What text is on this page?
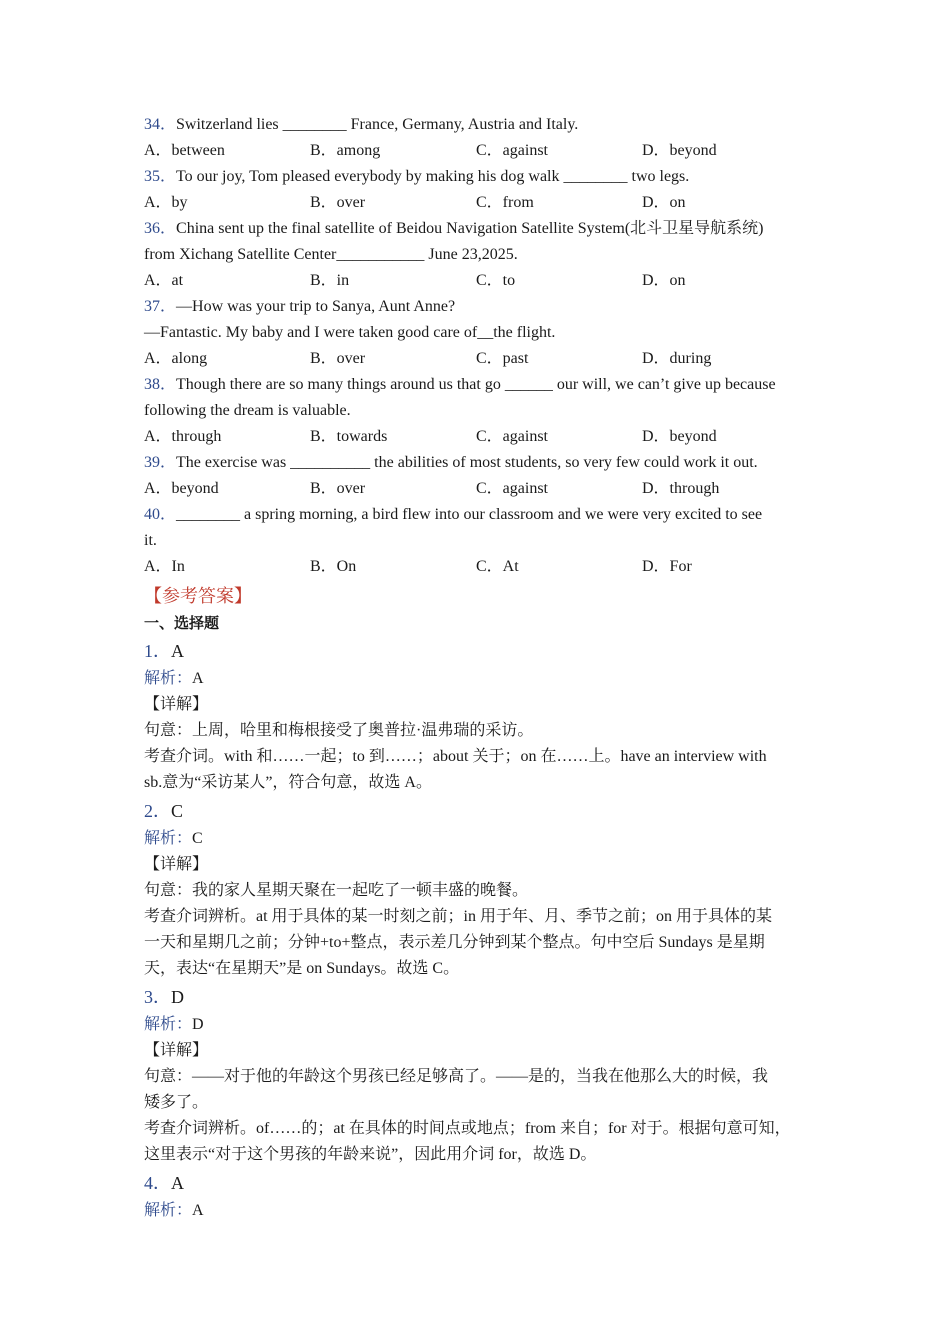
34．Switzerland lies ________ France, Germany, Austria and Italy.
A．between	B．among	C．against	D．beyond
35．To our joy, Tom pleased everybody by making his dog walk ________ two legs.
A．by	B．over	C．from	D．on
36．China sent up the final satellite of Beidou Navigation Satellite System(北斗卫星导航系统)
from Xichang Satellite Center___________ June 23,2025.
A．at	B．in	C．to	D．on
37．—How was your trip to Sanya, Aunt Anne?
—Fantastic. My baby and I were taken good care of__the flight.
A．along	B．over	C．past	D．during
38．Though there are so many things around us that go ______ our will, we can’t give up because
following the dream is valuable.
A．through	B．towards	C．against	D．beyond
39．The exercise was __________ the abilities of most students, so very few could work it out.
A．beyond	B．over	C．against	D．through
40．________ a spring morning, a bird flew into our classroom and we were very excited to see
it.
A．In	B．On	C．At	D．For
【参考答案】
一、选择题
1．A
解析：A
【详解】
句意：上周，哈里和梅根接受了奥普拉·温弗瑞的采访。
考查介词。with 和……一起；to 到……；about 关于；on 在……上。have an interview with
sb.意为“采访某人”，符合句意，故选 A。
2．C
解析：C
【详解】
句意：我的家人星期天聚在一起吃了一顿丰盛的晚餐。
考查介词辨析。at 用于具体的某一时刻之前；in 用于年、月、季节之前；on 用于具体的某
一天和星期几之前；分钟+to+整点，表示差几分钟到某个整点。句中空后 Sundays 是星期
天，表达“在星期天”是 on Sundays。故选 C。
3．D
解析：D
【详解】
句意：——对于他的年龄这个男孩已经足够高了。——是的，当我在他那么大的时候，我
矮多了。
考查介词辨析。of……的；at 在具体的时间点或地点；from 来自；for 对于。根据句意可知，
这里表示“对于这个男孩的年龄来说”，因此用介词 for，故选 D。
4．A
解析：A
